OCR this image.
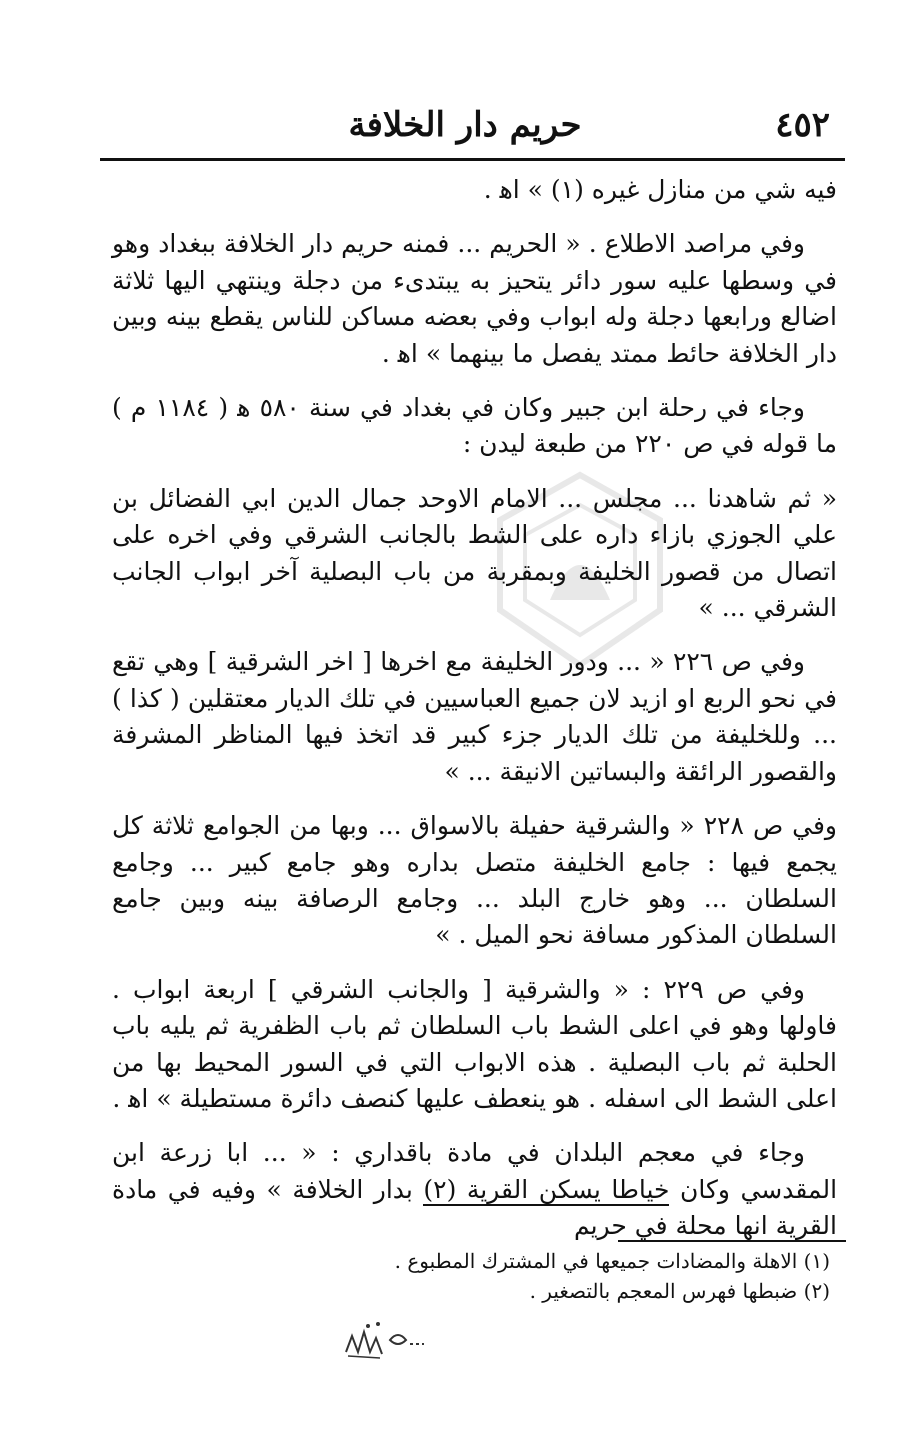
٤٥٢
حريم دار الخلافة

فيه شي من منازل غيره (١) » اﻫ .

وفي مراصد الاطلاع . « الحريم ... فمنه حريم دار الخلافة ببغداد وهو في وسطها عليه سور دائر يتحيز به يبتدىء من دجلة وينتهي اليها ثلاثة اضالع ورابعها دجلة وله ابواب وفي بعضه مساكن للناس يقطع بينه وبين دار الخلافة حائط ممتد يفصل ما بينهما » اﻫ .

وجاء في رحلة ابن جبير وكان في بغداد في سنة ٥٨٠ ﻫ ( ١١٨٤ م ) ما قوله في ص ٢٢٠ من طبعة ليدن :

« ثم شاهدنا ... مجلس ... الامام الاوحد جمال الدين ابي الفضائل بن علي الجوزي بازاء داره على الشط بالجانب الشرقي وفي اخره على اتصال من قصور الخليفة وبمقربة من باب البصلية آخر ابواب الجانب الشرقي ... »

وفي ص ٢٢٦ « ... ودور الخليفة مع اخرها [ اخر الشرقية ] وهي تقع في نحو الربع او ازيد لان جميع العباسيين في تلك الديار معتقلين ( كذا ) ... وللخليفة من تلك الديار جزء كبير قد اتخذ فيها المناظر المشرفة والقصور الرائقة والبساتين الانيقة ... »

وفي ص ٢٢٨ « والشرقية حفيلة بالاسواق ... وبها من الجوامع ثلاثة كل يجمع فيها : جامع الخليفة متصل بداره وهو جامع كبير ... وجامع السلطان ... وهو خارج البلد ... وجامع الرصافة بينه وبين جامع السلطان المذكور مسافة نحو الميل . »

وفي ص ٢٢٩ : « والشرقية [ والجانب الشرقي ] اربعة ابواب . فاولها وهو في اعلى الشط باب السلطان ثم باب الظفرية ثم يليه باب الحلبة ثم باب البصلية . هذه الابواب التي في السور المحيط بها من اعلى الشط الى اسفله . هو ينعطف عليها كنصف دائرة مستطيلة » اﻫ .

وجاء في معجم البلدان في مادة باقداري : « ... ابا زرعة ابن المقدسي وكان خياطا يسكن القرية (٢) بدار الخلافة » وفيه في مادة القرية انها محلة في حريم

(١) الاهلة والمضادات جميعها في المشترك المطبوع .

(٢) ضبطها فهرس المعجم بالتصغير .
